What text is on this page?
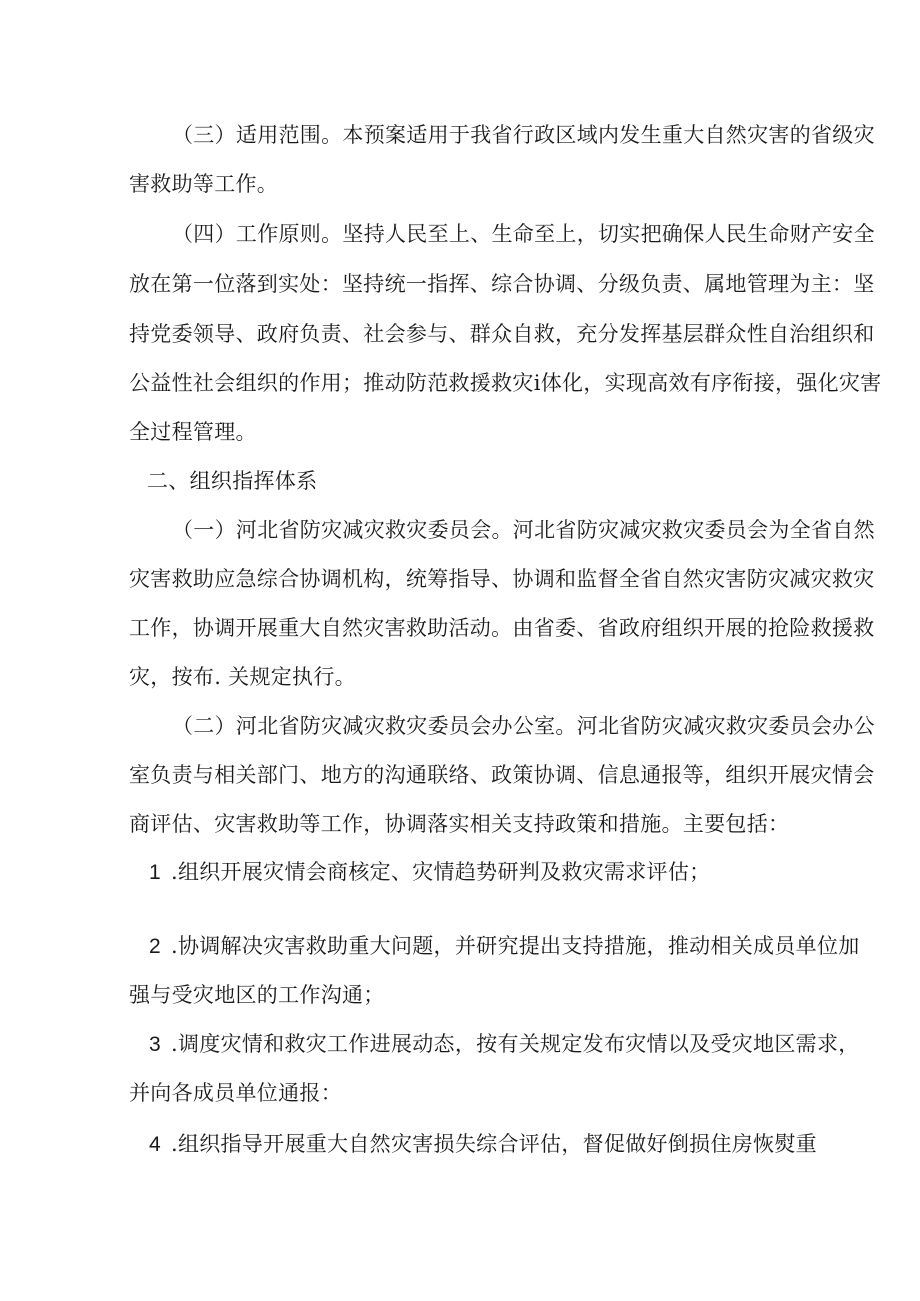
（三）适用范围。本预案适用于我省行政区域内发生重大自然灾害的省级灾
害救助等工作。
（四）工作原则。坚持人民至上、生命至上，切实把确保人民生命财产安全
放在第一位落到实处：坚持统一指挥、综合协调、分级负责、属地管理为主：坚
持党委领导、政府负责、社会参与、群众自救，充分发挥基层群众性自治组织和
公益性社会组织的作用；推动防范救援救灾i体化，实现高效有序衔接，强化灾害
全过程管理。
二、组织指挥体系
（一）河北省防灾减灾救灾委员会。河北省防灾减灾救灾委员会为全省自然
灾害救助应急综合协调机构，统筹指导、协调和监督全省自然灾害防灾减灾救灾
工作，协调开展重大自然灾害救助活动。由省委、省政府组织开展的抢险救援救
灾，按布. 关规定执行。
（二）河北省防灾减灾救灾委员会办公室。河北省防灾减灾救灾委员会办公
室负责与相关部门、地方的沟通联络、政策协调、信息通报等，组织开展灾情会
商评估、灾害救助等工作，协调落实相关支持政策和措施。主要包括：
1 .组织开展灾情会商核定、灾情趋势研判及救灾需求评估；
2 .协调解决灾害救助重大问题，并研究提出支持措施，推动相关成员单位加
强与受灾地区的工作沟通；
3 .调度灾情和救灾工作进展动态，按有关规定发布灾情以及受灾地区需求，
并向各成员单位通报：
4 .组织指导开展重大自然灾害损失综合评估，督促做好倒损住房恢熨重
